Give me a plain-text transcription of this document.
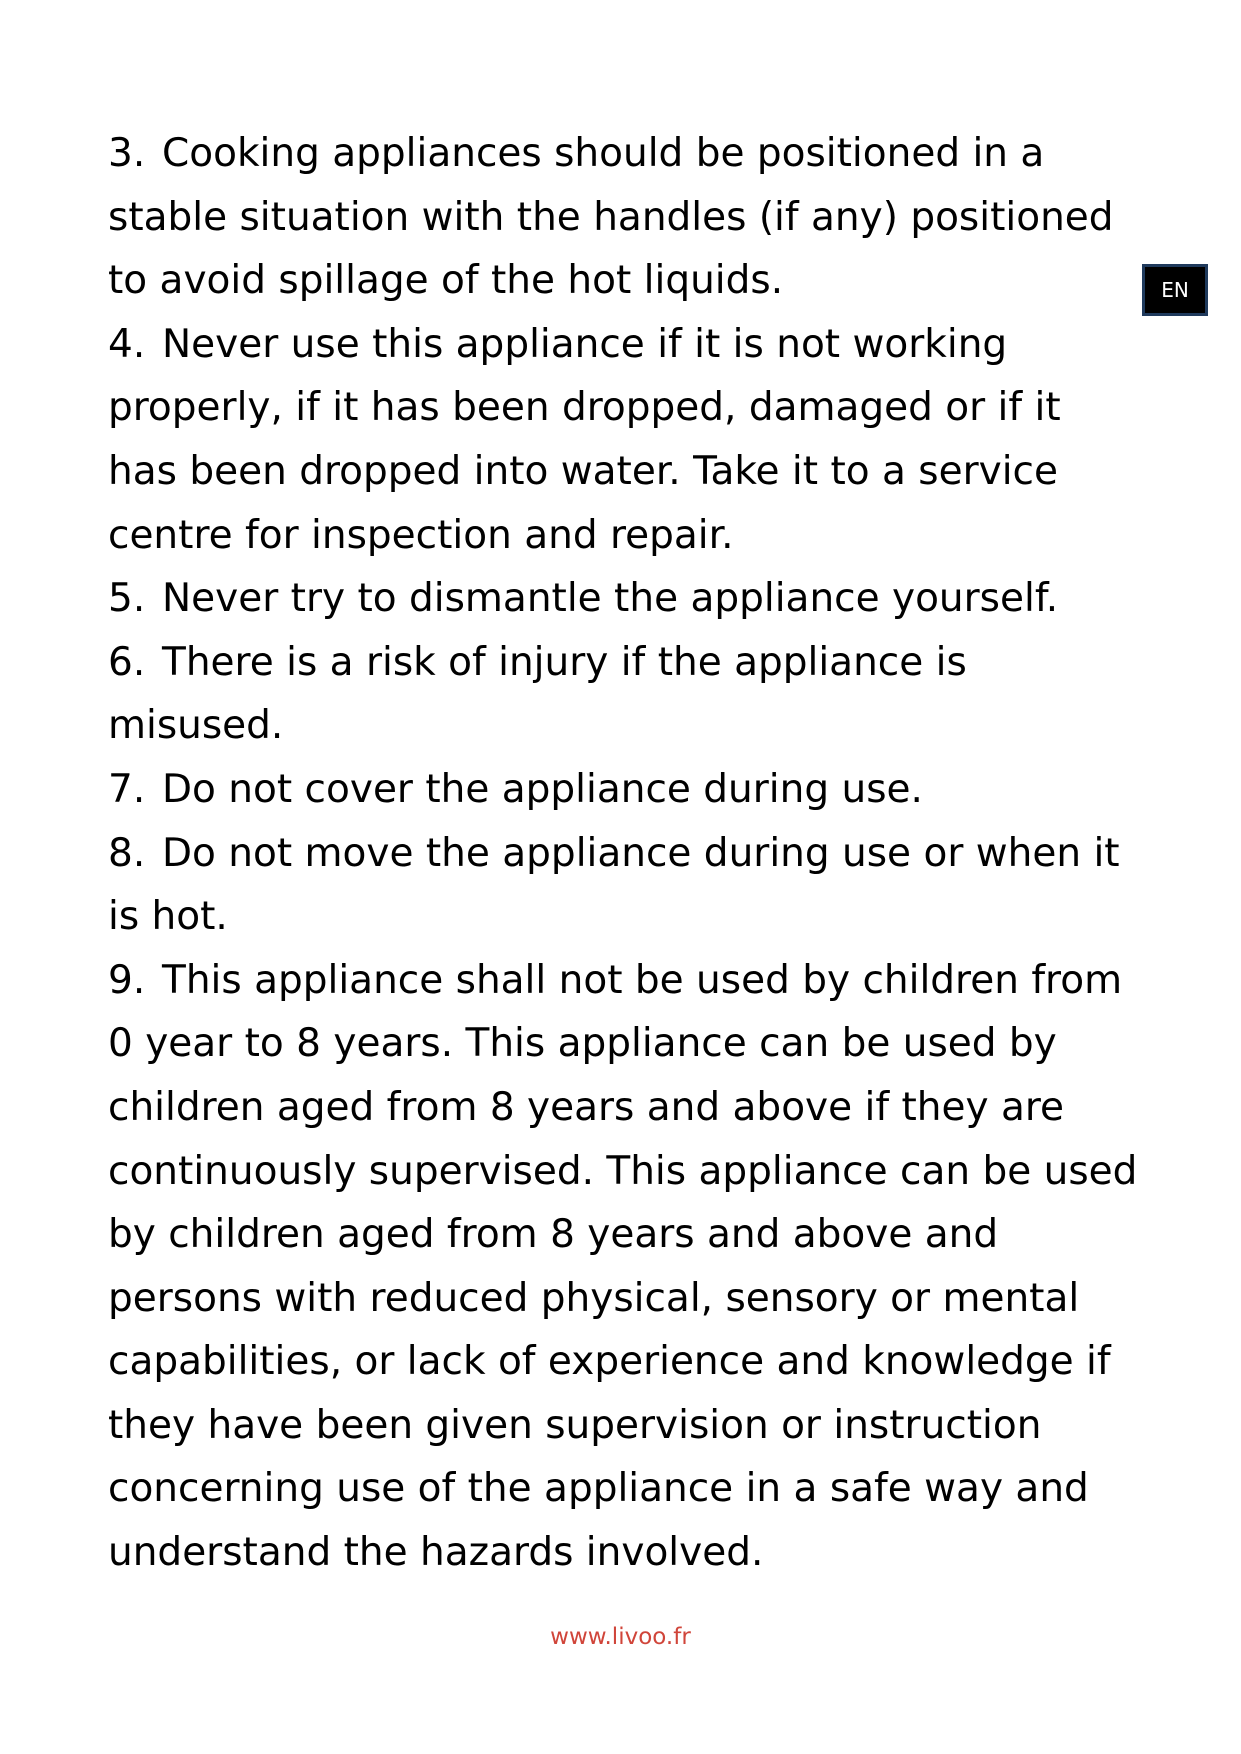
3. Cooking appliances should be positioned in a stable situation with the handles (if any) positioned to avoid spillage of the hot liquids.

4. Never use this appliance if it is not working properly, if it has been dropped, damaged or if it has been dropped into water. Take it to a service centre for inspection and repair.

5. Never try to dismantle the appliance yourself.

6. There is a risk of injury if the appliance is misused.

7. Do not cover the appliance during use.

8. Do not move the appliance during use or when it is hot.

9. This appliance shall not be used by children from 0 year to 8 years. This appliance can be used by children aged from 8 years and above if they are continuously supervised. This appliance can be used by children aged from 8 years and above and persons with reduced physical, sensory or mental capabilities, or lack of experience and knowledge if they have been given supervision or instruction concerning use of the appliance in a safe way and understand the hazards involved.

EN
www.livoo.fr
